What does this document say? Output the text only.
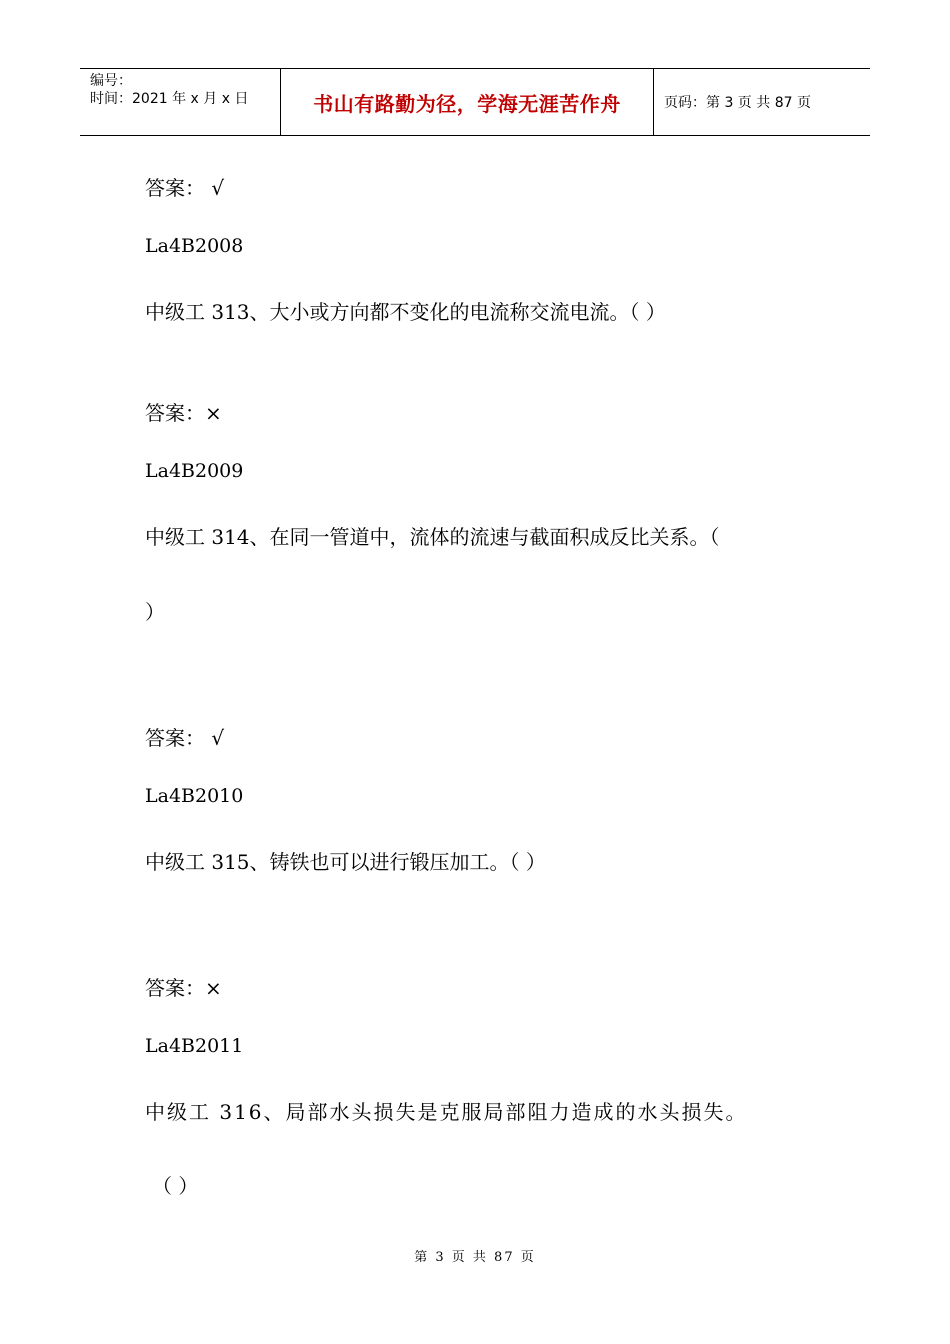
编号：
时间：2021 年 x 月 x 日	书山有路勤为径，学海无涯苦作舟	页码：第 3 页 共 87 页
答案： √
La4B2008
中级工 313、大小或方向都不变化的电流称交流电流。（ ）
答案：×
La4B2009
中级工 314、在同一管道中，流体的流速与截面积成反比关系。（
）
答案： √
La4B2010
中级工 315、铸铁也可以进行锻压加工。（ ）
答案：×
La4B2011
中级工 316、局部水头损失是克服局部阻力造成的水头损失。
（ ）
第 3 页 共 87 页
